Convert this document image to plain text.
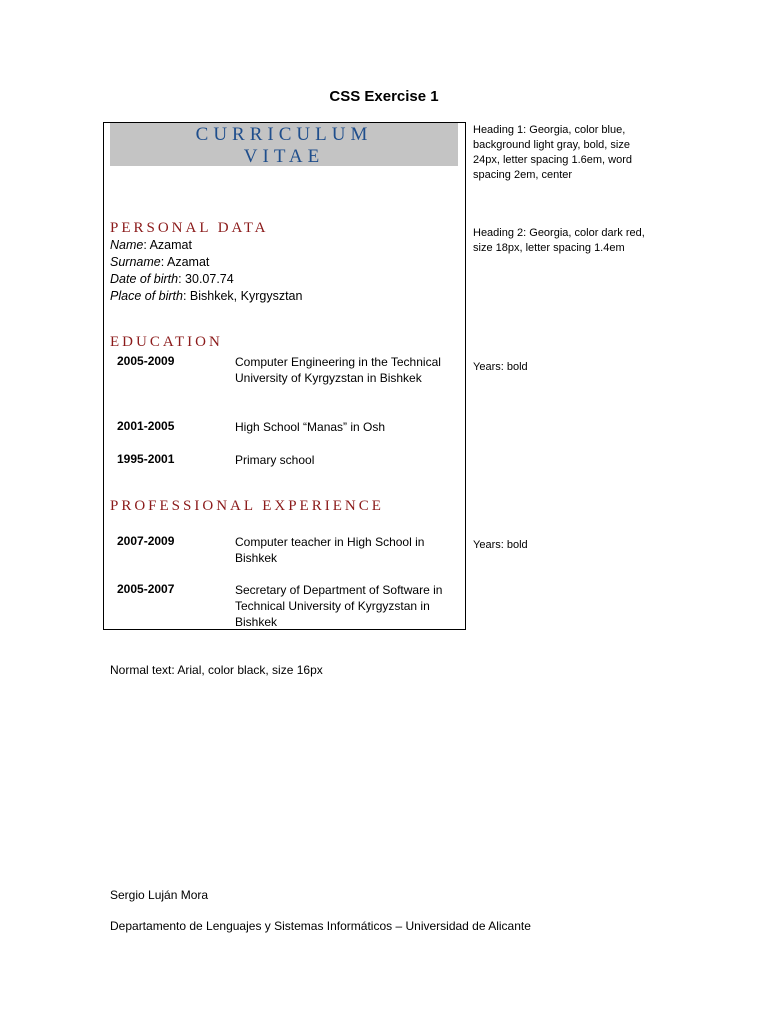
CSS Exercise 1
CURRICULUM
VITAE
PERSONAL DATA
Name: Azamat
Surname: Azamat
Date of birth: 30.07.74
Place of birth: Bishkek, Kyrgysztan
EDUCATION
2005-2009	Computer Engineering in the Technical University of Kyrgyzstan in Bishkek
2001-2005	High School “Manas” in Osh
1995-2001	Primary school
PROFESSIONAL EXPERIENCE
2007-2009	Computer teacher in High School in Bishkek
2005-2007	Secretary of Department of Software in Technical University of Kyrgyzstan in Bishkek
Heading 1: Georgia, color blue, background light gray, bold, size 24px, letter spacing 1.6em, word spacing 2em, center
Heading 2: Georgia, color dark red, size 18px, letter spacing 1.4em
Years: bold
Years: bold
Normal text: Arial, color black, size 16px
Sergio Luján Mora
Departamento de Lenguajes y Sistemas Informáticos – Universidad de Alicante
